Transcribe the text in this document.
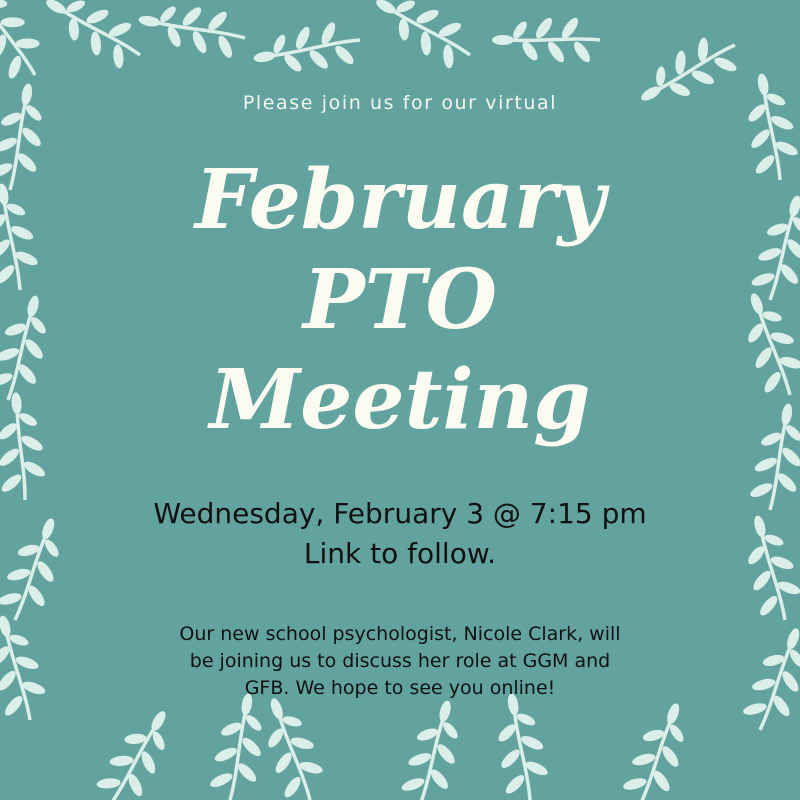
Please join us for our virtual
February
PTO
Meeting
Wednesday, February 3 @ 7:15 pm
Link to follow.
Our new school psychologist, Nicole Clark, will
be joining us to discuss her role at GGM and
GFB. We hope to see you online!
